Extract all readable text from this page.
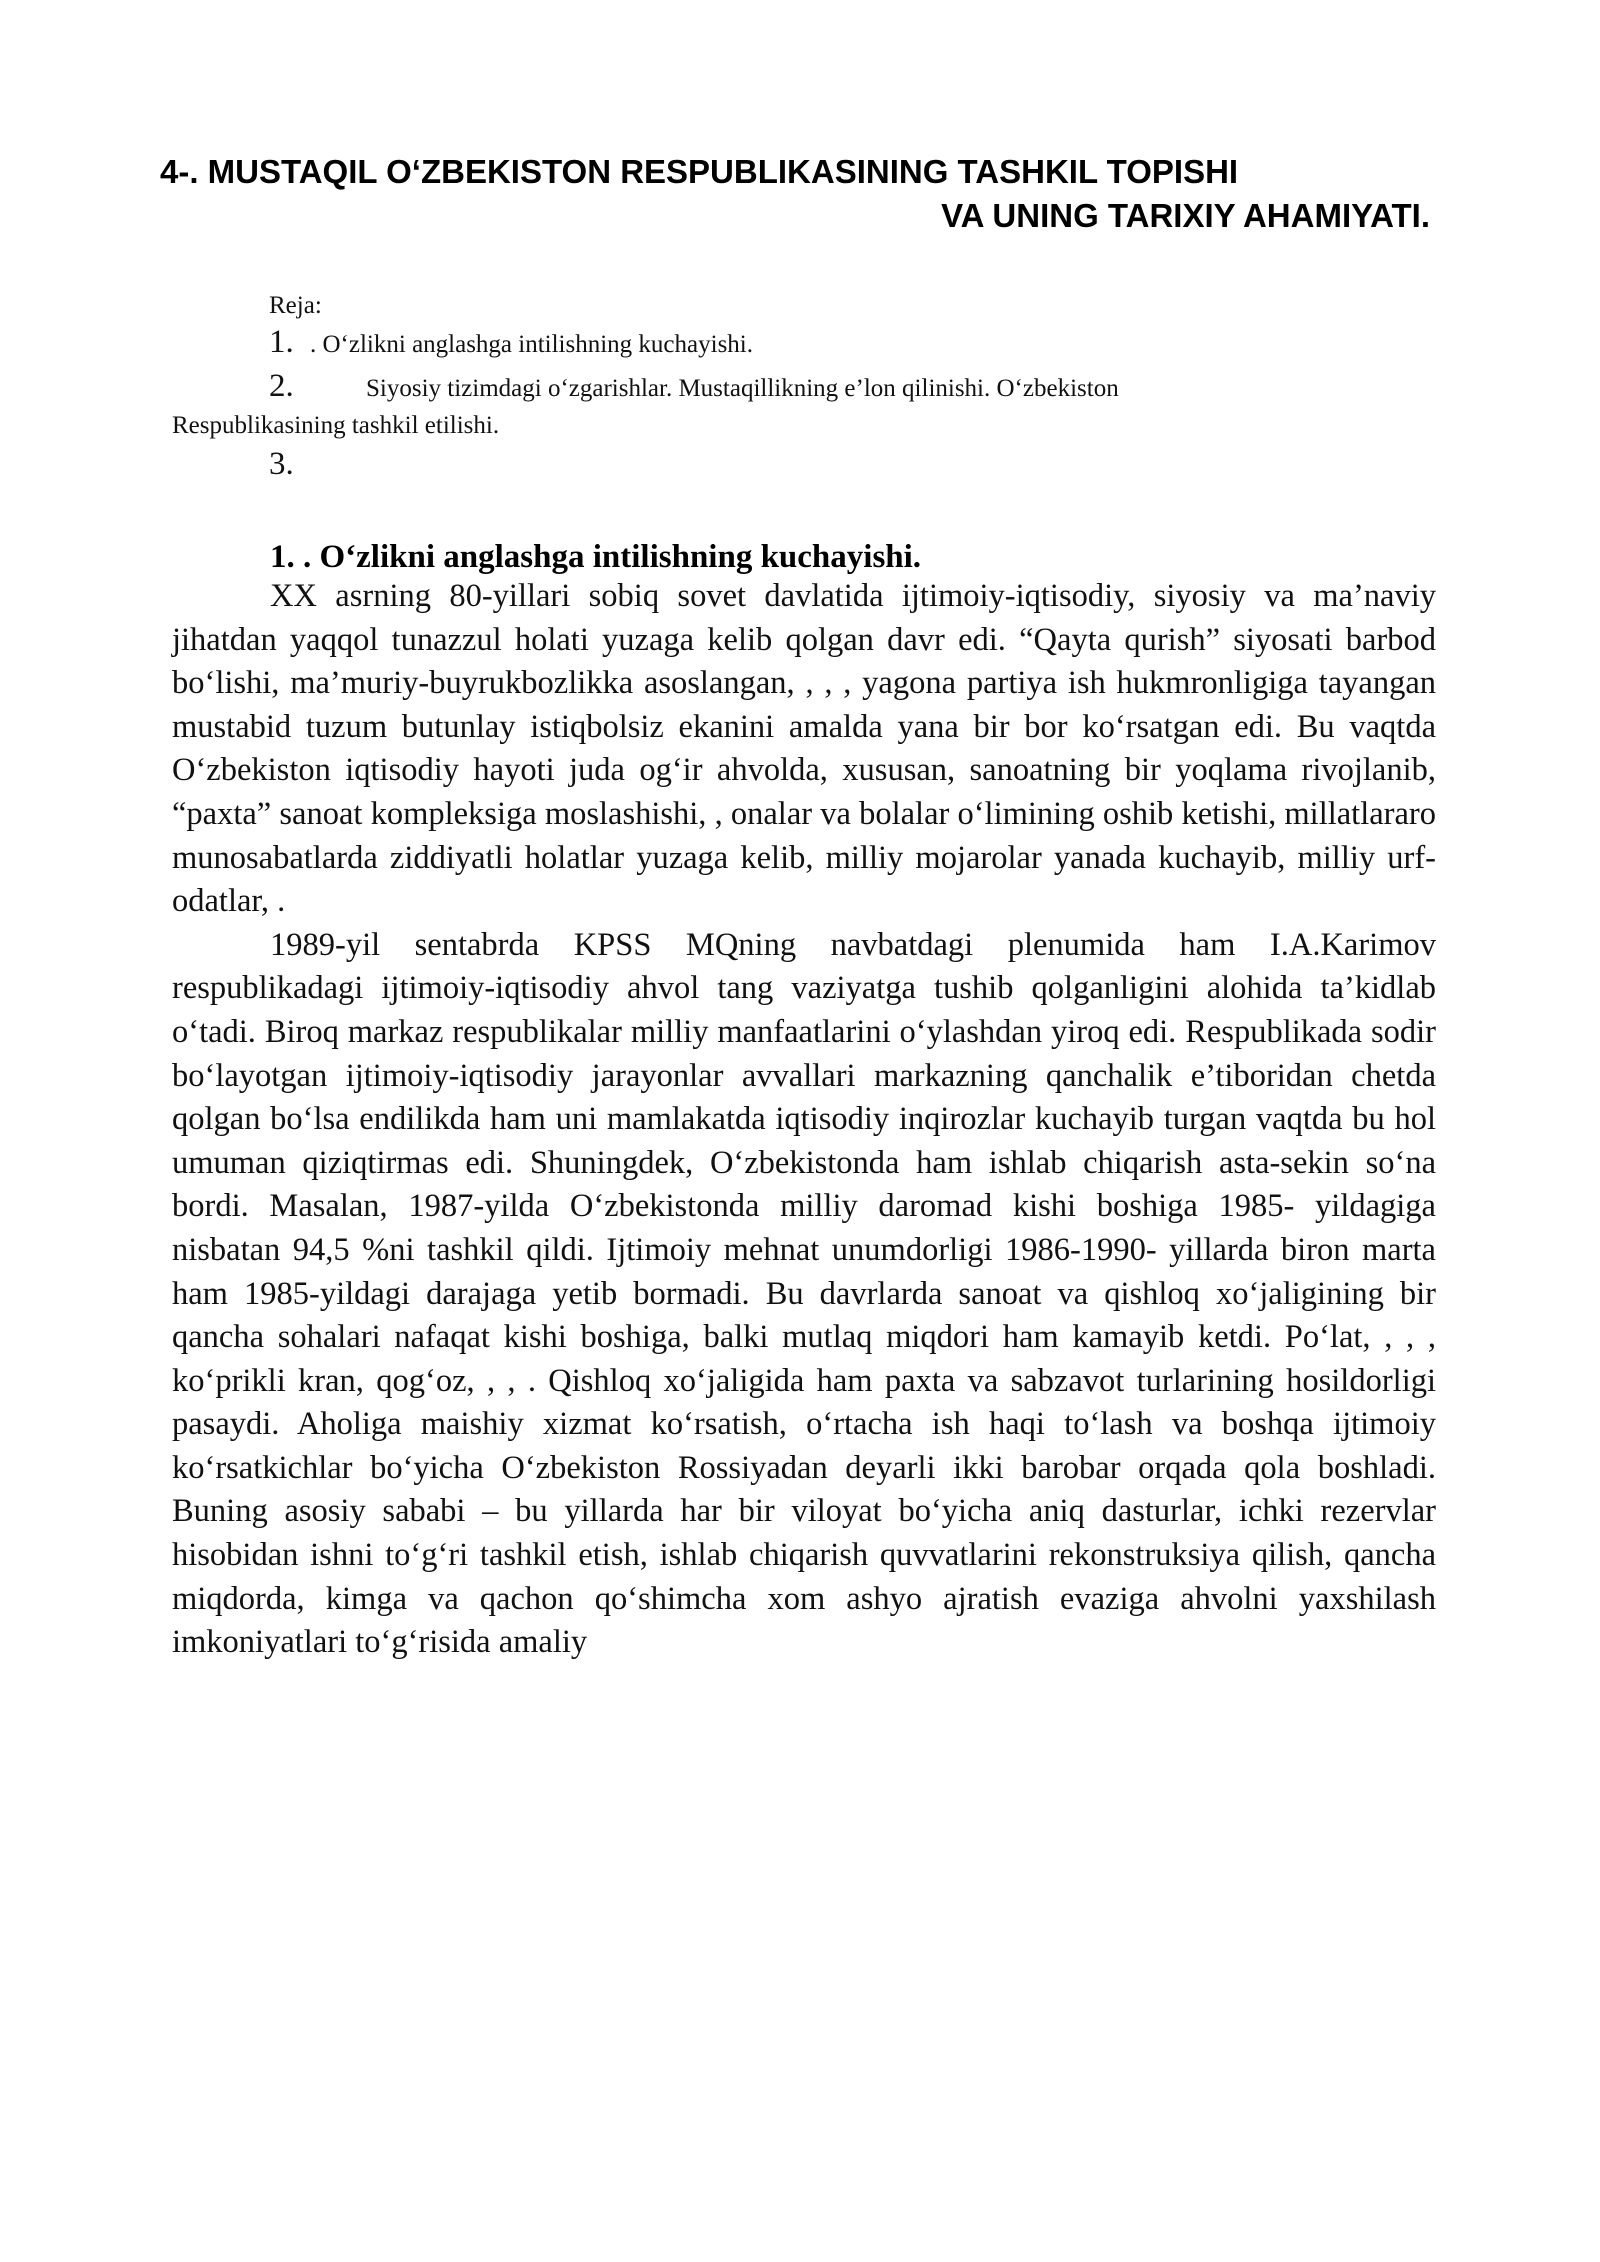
4-. MUSTAQIL O‘ZBEKISTON RESPUBLIKASINING TASHKIL TOPISHI
VA UNING TARIXIY AHAMIYATI.
Reja:
1. . O‘zlikni anglashga intilishning kuchayishi.
2.	Siyosiy tizimdagi o‘zgarishlar. Mustaqillikning e’lon qilinishi. O‘zbekiston
Respublikasining tashkil etilishi.
3.
1. . O‘zlikni anglashga intilishning kuchayishi.

XX asrning 80-yillari sobiq sovet davlatida ijtimoiy-iqtisodiy, siyosiy va ma’naviy jihatdan yaqqol tunazzul holati yuzaga kelib qolgan davr edi. “Qayta qurish” siyosati barbod bo‘lishi, ma’muriy-buyrukbozlikka asoslangan, , , , yagona partiya ish hukmronligiga tayangan mustabid tuzum butunlay istiqbolsiz ekanini amalda yana bir bor ko‘rsatgan edi. Bu vaqtda O‘zbekiston iqtisodiy hayoti juda og‘ir ahvolda, xususan, sanoatning bir yoqlama rivojlanib, “paxta” sanoat kompleksiga moslashishi, , onalar va bolalar o‘limining oshib ketishi, millatlararo munosabatlarda ziddiyatli holatlar yuzaga kelib, milliy mojarolar yanada kuchayib, milliy urf-odatlar, .

1989-yil sentabrda KPSS MQning navbatdagi plenumida ham I.A.Karimov respublikadagi ijtimoiy-iqtisodiy ahvol tang vaziyatga tushib qolganligini alohida ta’kidlab o‘tadi. Biroq markaz respublikalar milliy manfaatlarini o‘ylashdan yiroq edi. Respublikada sodir bo‘layotgan ijtimoiy-iqtisodiy jarayonlar avvallari markazning qanchalik e’tiboridan chetda qolgan bo‘lsa endilikda ham uni mamlakatda iqtisodiy inqirozlar kuchayib turgan vaqtda bu hol umuman qiziqtirmas edi. Shuningdek, O‘zbekistonda ham ishlab chiqarish asta-sekin so‘na bordi. Masalan, 1987-yilda O‘zbekistonda milliy daromad kishi boshiga 1985- yildagiga nisbatan 94,5 %ni tashkil qildi. Ijtimoiy mehnat unumdorligi 1986-1990- yillarda biron marta ham 1985-yildagi darajaga yetib bormadi. Bu davrlarda sanoat va qishloq xo‘jaligining bir qancha sohalari nafaqat kishi boshiga, balki mutlaq miqdori ham kamayib ketdi. Po‘lat, , , , ko‘prikli kran, qog‘oz, , , . Qishloq xo‘jaligida ham paxta va sabzavot turlarining hosildorligi pasaydi. Aholiga maishiy xizmat ko‘rsatish, o‘rtacha ish haqi to‘lash va boshqa ijtimoiy ko‘rsatkichlar bo‘yicha O‘zbekiston Rossiyadan deyarli ikki barobar orqada qola boshladi. Buning asosiy sababi – bu yillarda har bir viloyat bo‘yicha aniq dasturlar, ichki rezervlar hisobidan ishni to‘g‘ri tashkil etish, ishlab chiqarish quvvatlarini rekonstruksiya qilish, qancha miqdorda, kimga va qachon qo‘shimcha xom ashyo ajratish evaziga ahvolni yaxshilash imkoniyatlari to‘g‘risida amaliy
